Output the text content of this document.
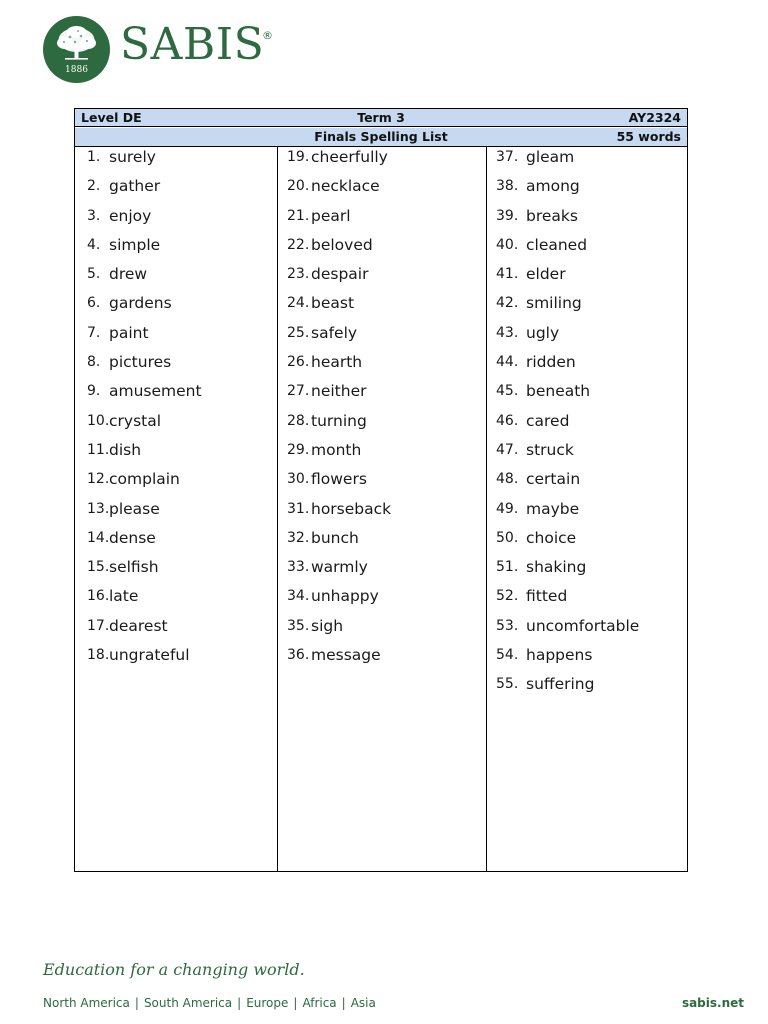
1886 SABIS
®
Level DE	Term 3	AY2324
Finals Spelling List	55 words
1. surely
2. gather
3. enjoy
4. simple
5. drew
6. gardens
7. paint
8. pictures
9. amusement
10. crystal
11. dish
12. complain
13. please
14. dense
15. selfish
16. late
17. dearest
18. ungrateful
19. cheerfully
20. necklace
21. pearl
22. beloved
23. despair
24. beast
25. safely
26. hearth
27. neither
28. turning
29. month
30. flowers
31. horseback
32. bunch
33. warmly
34. unhappy
35. sigh
36. message
37. gleam
38. among
39. breaks
40. cleaned
41. elder
42. smiling
43. ugly
44. ridden
45. beneath
46. cared
47. struck
48. certain
49. maybe
50. choice
51. shaking
52. fitted
53. uncomfortable
54. happens
55. suffering
Education for a changing world.
North America | South America | Europe | Africa | Asia	sabis.net
